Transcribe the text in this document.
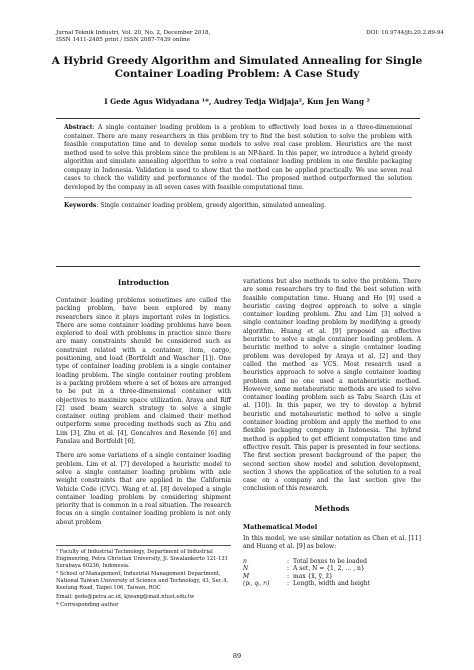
Jurnal Teknik Industri, Vol. 20, No. 2, December 2018,
ISSN 1411-2485 print / ISSN 2087-7439 online
DOI: 10.9744/jti.20.2.89-94
A Hybrid Greedy Algorithm and Simulated Annealing for Single Container Loading Problem: A Case Study
I Gede Agus Widyadana ¹*, Audrey Tedja Widjaja², Kun Jen Wang ²
Abstract: A single container loading problem is a problem to effectively load boxes in a three-dimensional container. There are many researchers in this problem try to find the best solution to solve the problem with feasible computation time and to develop some models to solve real case problem. Heuristics are the most method used to solve this problem since the problem is an NP-hard. In this paper, we introduce a hybrid greedy algorithm and simulate annealing algorithm to solve a real container loading problem in one flexible packaging company in Indonesia. Validation is used to show that the method can be applied practically. We use seven real cases to check the validity and performance of the model. The proposed method outperformed the solution developed by the company in all seven cases with feasible computational time.
Keywords: Single container loading problem, greedy algorithm, simulated annealing.
Introduction

Container loading problems sometimes are called the packing problem, have been explored by many researchers since it plays important roles in logistics. There are some container loading problems have been explored to deal with problems in practice since there are many constraints should be considered such as constraint related with a container, item, cargo, positioning, and load (Bortfeldt and Wascher [1]). One type of container loading problem is a single container loading problem. The single container routing problem is a packing problem where a set of boxes are arranged to be put in a three-dimensional container with objectives to maximize space utilization. Araya and Riff [2] used beam search strategy to solve a single container outing problem and claimed their method outperform some preceding methods such as Zhu and Lim [3], Zhu et al. [4], Goncalves and Resende [6] and Fanslau and Bortfeldt [6].

There are some variations of a single container loading problem. Lim et al. [7] developed a heuristic model to solve a single container loading problem with axle weight constraints that are applied in the California Vehicle Code (CVC). Wang et al. [8] developed a single container loading problem by considering shipment priority that is common in a real situation. The research focus on a single container loading problem is not only about problem

¹ Faculty of Industrial Technology, Department of Industrial Engineering, Petra Christian University, Jl. Siwalankerto 121-131 Surabaya 60236, Indonesia.
² School of Management, Industrial Management Department, National Taiwan University of Science and Technology, 43, Sec.4, Keelung Road, Taipei 106, Taiwan, ROC
Email: gede@petra.ac.id, kjwang@mail.ntust.edu.tw
* Corresponding author

variations but also methods to solve the problem. There are some researchers try to find the best solution with feasible computation time. Huang and Ho [9] used a heuristic caving degree approach to solve a single container loading problem. Zhu and Lim [3] solved a single container loading problem by modifying a greedy algorithm. Huang et al. [9] proposed an effective heuristic to solve a single container loading problem. A heuristic method to solve a single container loading problem was developed by Araya et al. [2] and they called the method as VCS. Most research used a heuristics approach to solve a single container loading problem and no one used a metaheuristic method. However, some metaheuristic methods are used to solve container loading problem such as Tabu Search (Liu et al. [10]). In this paper, we try to develop a hybrid heuristic and metaheuristic method to solve a single container loading problem and apply the method to one flexible packaging company in Indonesia. The hybrid method is applied to get efficient computation time and effective result. This paper is presented in four sections. The first section present background of the paper, the second section show model and solution development, section 3 shows the application of the solution to a real case on a company and the last section give the conclusion of this research.

Methods
Mathematical Model

In this model, we use similar notation as Chen et al. [11] and Huang et al. [9] as below:

n	:	Total boxes to be loaded
N	:	A set, N = {1, 2, … , n}
M	:	max {x̃, ỹ, z̃}
(pᵢ, qᵢ, rᵢ)	:	Length, width and height
89
